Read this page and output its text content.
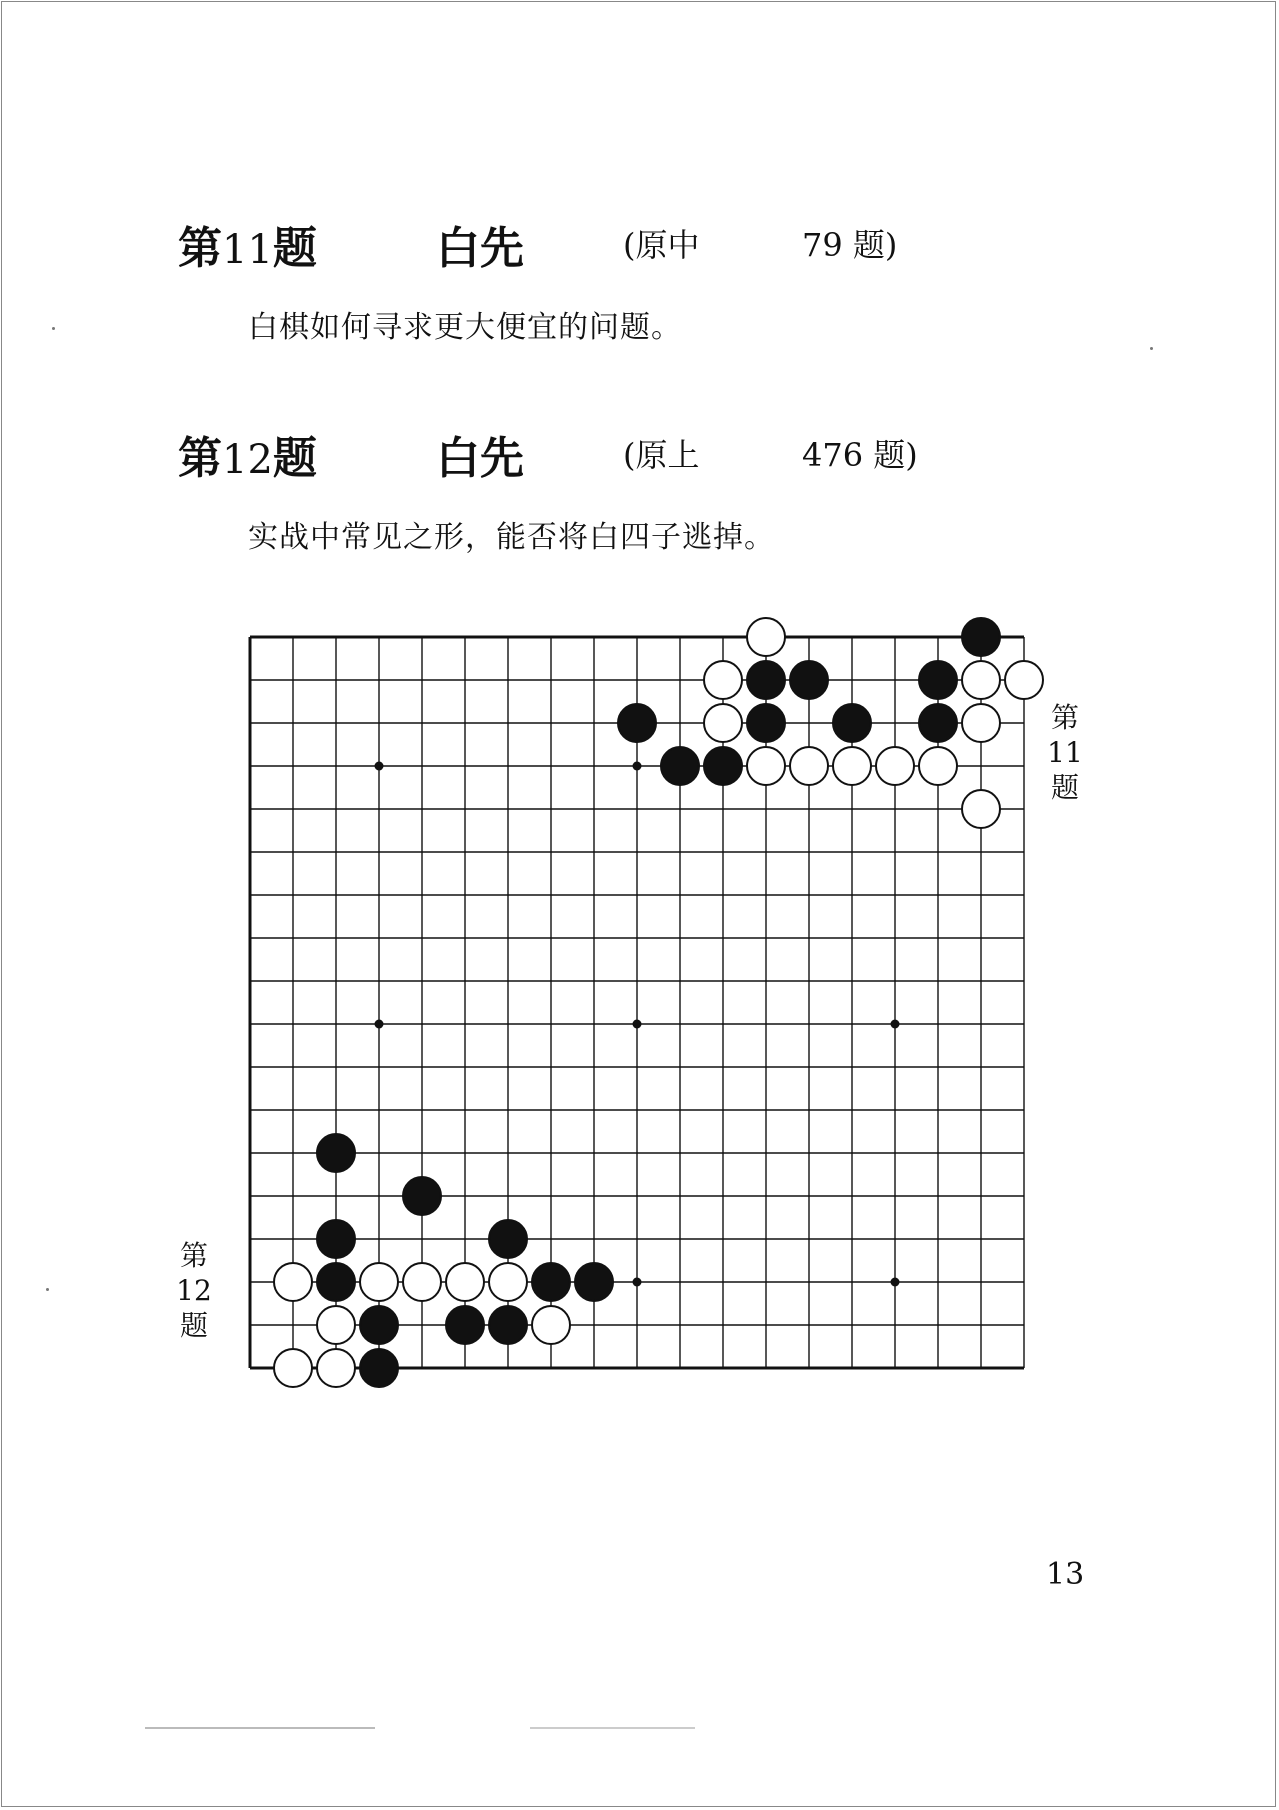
第11题	白先	(原中	79 题)
白棋如何寻求更大便宜的问题。
第12题	白先	(原上	476 题)
实战中常见之形，能否将白四子逃掉。
第
11
题
第
12
题
13
